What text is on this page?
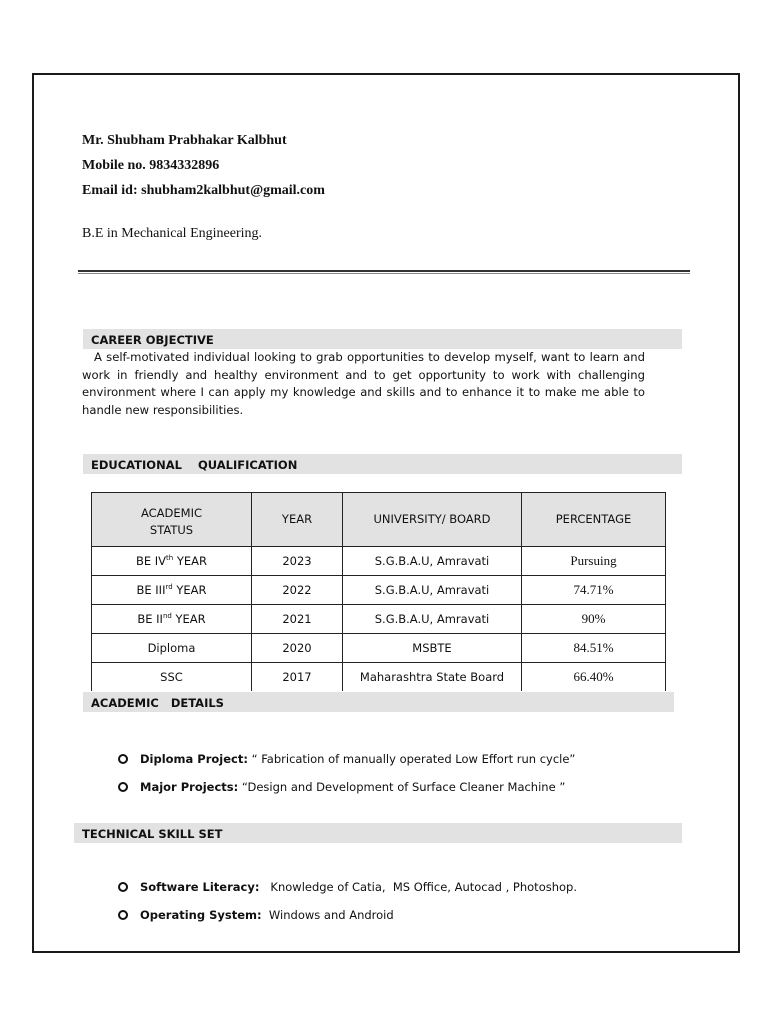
Mr. Shubham Prabhakar Kalbhut
Mobile no. 9834332896
Email id: shubham2kalbhut@gmail.com
B.E in Mechanical Engineering.
CAREER OBJECTIVE
A self-motivated individual looking to grab opportunities to develop myself, want to learn and work in friendly and healthy environment and to get opportunity to work with challenging environment where I can apply my knowledge and skills and to enhance it to make me able to handle new responsibilities.
EDUCATIONAL    QUALIFICATION
ACADEMIC STATUS	YEAR	UNIVERSITY/ BOARD	PERCENTAGE
BE IVth YEAR	2023	S.G.B.A.U, Amravati	Pursuing
BE IIIrd YEAR	2022	S.G.B.A.U, Amravati	74.71%
BE IInd YEAR	2021	S.G.B.A.U, Amravati	90%
Diploma	2020	MSBTE	84.51%
SSC	2017	Maharashtra State Board	66.40%
ACADEMIC   DETAILS
Diploma Project: “ Fabrication of manually operated Low Effort run cycle”
Major Projects: “Design and Development of Surface Cleaner Machine ”
TECHNICAL SKILL SET
Software Literacy:   Knowledge of Catia,  MS Office, Autocad , Photoshop.
Operating System:  Windows and Android
